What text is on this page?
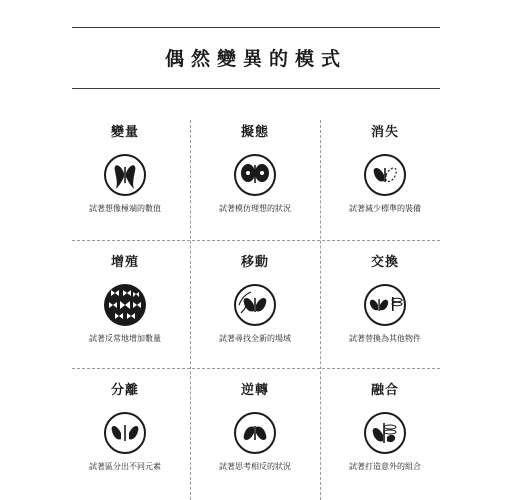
偶然變異的模式
變量
試著想像極端的數值
擬態
試著模仿理想的狀況
消失
試著減少標準的裝備
增殖
試著反常地增加數量
移動
試著尋找全新的場域
交換
試著替換為其他物件
分離
試著區分出不同元素
逆轉
試著思考相反的狀況
融合
試著打造意外的組合
